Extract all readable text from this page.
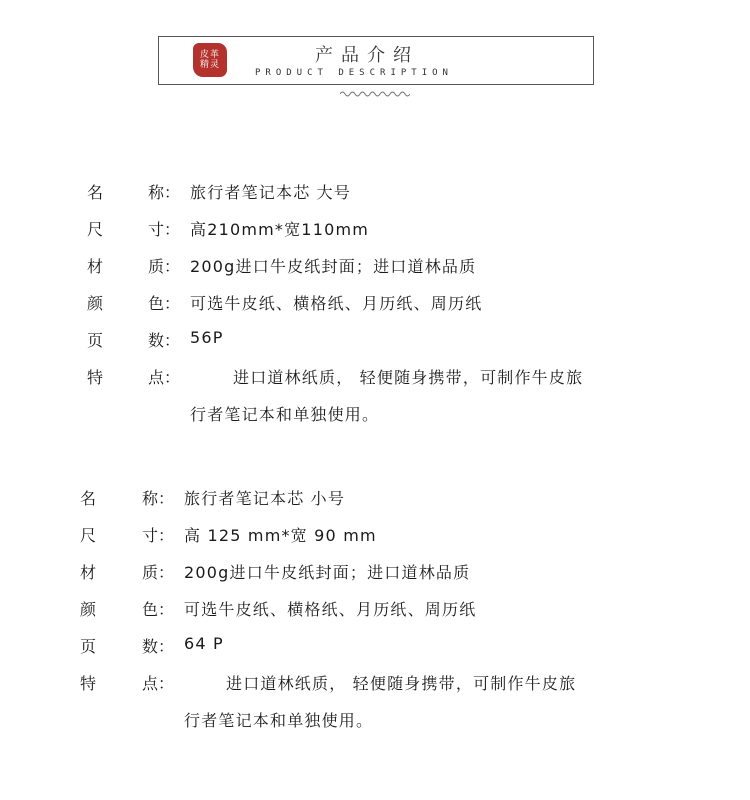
皮革精灵	产品介绍
PRODUCT DESCRIPTION
名	称： 旅行者笔记本芯 大号
尺	寸： 高210mm*宽110mm
材	质： 200g进口牛皮纸封面；进口道林品质
颜	色： 可选牛皮纸、横格纸、月历纸、周历纸
页	数： 56P
特	点：	进口道林纸质， 轻便随身携带，可制作牛皮旅
行者笔记本和单独使用。
名	称： 旅行者笔记本芯 小号
尺	寸： 高 125 mm*宽 90 mm
材	质： 200g进口牛皮纸封面；进口道林品质
颜	色： 可选牛皮纸、横格纸、月历纸、周历纸
页	数： 64 P
特	点：	进口道林纸质， 轻便随身携带，可制作牛皮旅
行者笔记本和单独使用。
